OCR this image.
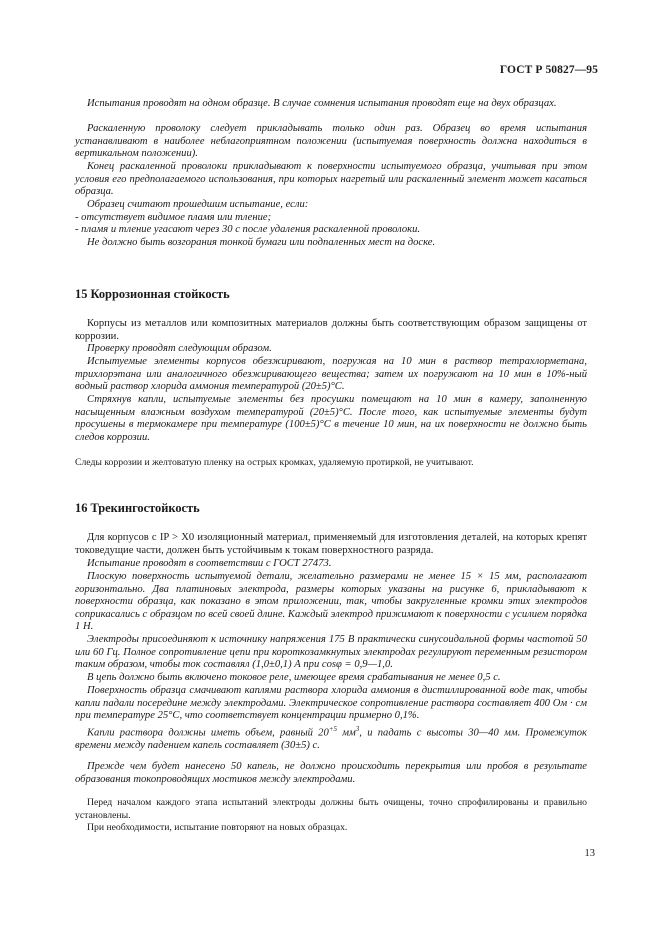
ГОСТ Р 50827—95

Испытания проводят на одном образце. В случае сомнения испытания проводят еще на двух образцах.

Раскаленную проволоку следует прикладывать только один раз. Образец во время испытания устанавливают в наиболее неблагоприятном положении (испытуемая поверхность должна находиться в вертикальном положении).

Конец раскаленной проволоки прикладывают к поверхности испытуемого образца, учитывая при этом условия его предполагаемого использования, при которых нагретый или раскаленный элемент может касаться образца.

Образец считают прошедшим испытание, если:

- отсутствует видимое пламя или тление;

- пламя и тление угасают через 30 с после удаления раскаленной проволоки.

Не должно быть возгорания тонкой бумаги или подпаленных мест на доске.

15 Коррозионная стойкость

Корпусы из металлов или композитных материалов должны быть соответствующим образом защищены от коррозии.

Проверку проводят следующим образом.

Испытуемые элементы корпусов обезжиривают, погружая на 10 мин в раствор тетрахлорметана, трихлорэтана или аналогичного обезжиривающего вещества; затем их погружают на 10 мин в 10%-ный водный раствор хлорида аммония температурой (20±5)°C.

Стряхнув капли, испытуемые элементы без просушки помещают на 10 мин в камеру, заполненную насыщенным влажным воздухом температурой (20±5)°C. После того, как испытуемые элементы будут просушены в термокамере при температуре (100±5)°C в течение 10 мин, на их поверхности не должно быть следов коррозии.

Следы коррозии и желтоватую пленку на острых кромках, удаляемую протиркой, не учитывают.

16 Трекингостойкость

Для корпусов с IP > X0 изоляционный материал, применяемый для изготовления деталей, на которых крепят токоведущие части, должен быть устойчивым к токам поверхностного разряда.

Испытание проводят в соответствии с ГОСТ 27473.

Плоскую поверхность испытуемой детали, желательно размерами не менее 15 × 15 мм, располагают горизонтально. Два платиновых электрода, размеры которых указаны на рисунке 6, прикладывают к поверхности образца, как показано в этом приложении, так, чтобы закругленные кромки этих электродов соприкасались с образцом по всей своей длине. Каждый электрод прижимают к поверхности с усилием порядка 1 Н.

Электроды присоединяют к источнику напряжения 175 В практически синусоидальной формы частотой 50 или 60 Гц. Полное сопротивление цепи при короткозамкнутых электродах регулируют переменным резистором таким образом, чтобы ток составлял (1,0±0,1) А при cosφ = 0,9—1,0.

В цепь должно быть включено токовое реле, имеющее время срабатывания не менее 0,5 с.

Поверхность образца смачивают каплями раствора хлорида аммония в дистиллированной воде так, чтобы капли падали посередине между электродами. Электрическое сопротивление раствора составляет 400 Ом · см при температуре 25°C, что соответствует концентрации примерно 0,1%.

Капли раствора должны иметь объем, равный $20^{+5}$ $мм^3$, и падать с высоты 30—40 мм. Промежуток времени между падением капель составляет (30±5) с.

Прежде чем будет нанесено 50 капель, не должно происходить перекрытия или пробоя в результате образования токопроводящих мостиков между электродами.

Перед началом каждого этапа испытаний электроды должны быть очищены, точно спрофилированы и правильно установлены.

При необходимости, испытание повторяют на новых образцах.

13
